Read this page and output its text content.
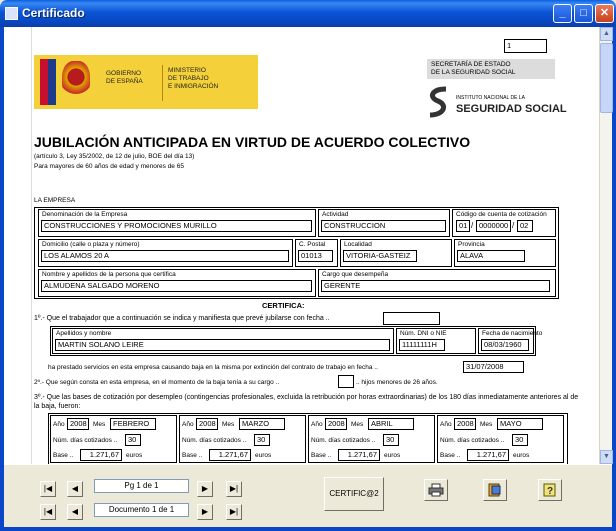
Certificado	_	□	✕
GOBIERNO
DE ESPAÑA
MINISTERIO
DE TRABAJO
E INMIGRACIÓN
1
SECRETARÍA DE ESTADO
DE LA SEGURIDAD SOCIAL
INSTITUTO NACIONAL DE LA
SEGURIDAD SOCIAL
JUBILACIÓN ANTICIPADA EN VIRTUD DE ACUERDO COLECTIVO
(artículo 3, Ley 35/2002, de 12 de julio, BOE del día 13)
Para mayores de 60 años de edad y menores de 65
LA EMPRESA
Denominación de la Empresa
CONSTRUCCIONES Y PROMOCIONES MURILLO
Actividad
CONSTRUCCION
Código de cuenta de cotización
01 / 0000000 / 02
Domicilio (calle o plaza y número)
LOS ALAMOS 20 A
C. Postal
01013
Localidad
VITORIA-GASTEIZ
Provincia
ALAVA
Nombre y apellidos de la persona que certifica
ALMUDENA SALGADO MORENO
Cargo que desempeña
GERENTE
CERTIFICA:
1º.- Que el trabajador que a continuación se indica y manifiesta que prevé jubilarse con fecha ..
Apellidos y nombre
MARTIN SOLANO LEIRE
Núm. DNI o NIE
11111111H
Fecha de nacimiento
08/03/1960
ha prestado servicios en esta empresa causando baja en la misma por extinción del contrato de trabajo en fecha ..	31/07/2008
2º.- Que según consta en esta empresa, en el momento de la baja tenía a su cargo ..	.. hijos menores de 26 años.
3º.- Que las bases de cotización por desempleo (contingencias profesionales, excluida la retribución por horas extraordinarias) de los 180 días inmediatamente anteriores al de la baja, fueron:
Año 2008 Mes	FEBRERO
Núm. días cotizados ..	30
Base ..	1.271,67	euros
Año 2008 Mes	MARZO
Núm. días cotizados ..	30
Base ..	1.271,67	euros
Año 2008 Mes	ABRIL
Núm. días cotizados ..	30
Base ..	1.271,67	euros
Año 2008 Mes	MAYO
Núm. días cotizados ..	30
Base ..	1.271,67	euros
▲
▼
|◀	◀	Pg 1 de 1	▶	▶|
|◀	◀	Documento 1 de 1	▶	▶|
CERTIFIC@2	?
